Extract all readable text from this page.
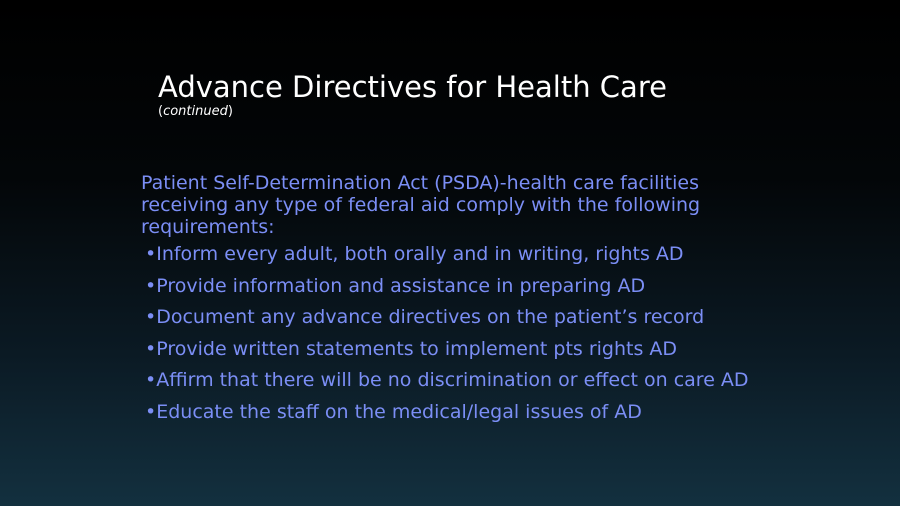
Advance Directives for Health Care
(continued)

Patient Self-Determination Act (PSDA)-health care facilities receiving any type of federal aid comply with the following requirements:

•Inform every adult, both orally and in writing, rights AD
•Provide information and assistance in preparing AD
•Document any advance directives on the patient’s record
•Provide written statements to implement pts rights AD
•Affirm that there will be no discrimination or effect on care AD
•Educate the staff on the medical/legal issues of AD
